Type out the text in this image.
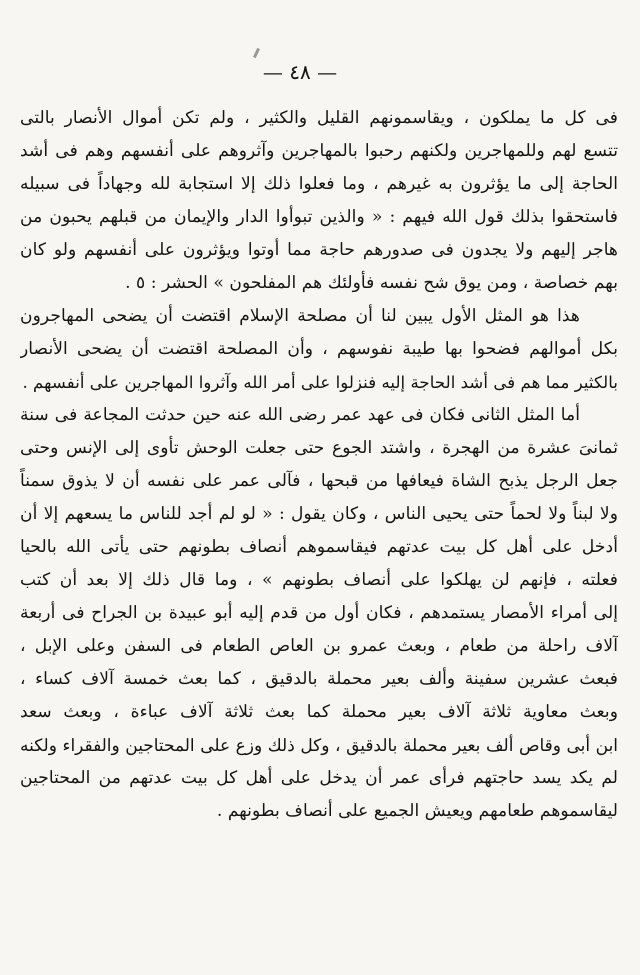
— ٤٨ —
فى كل ما يملكون ، ويقاسمونهم القليل والكثير ، ولم تكن أموال الأنصار بالتى
تتسع لهم وللمهاجرين ولكنهم رحبوا بالمهاجرين وآثروهم على أنفسهم وهم فى أشد
الحاجة إلى ما يؤثرون به غيرهم ، وما فعلوا ذلك إلا استجابة لله وجهاداً فى سبيله
فاستحقوا بذلك قول الله فيهم : « والذين تبوأوا الدار والإيمان من قبلهم يحبون من
هاجر إليهم ولا يجدون فى صدورهم حاجة مما أوتوا ويؤثرون على أنفسهم ولو كان
بهم خصاصة ، ومن يوق شح نفسه فأولئك هم المفلحون » الحشر : ٥ .
هذا هو المثل الأول يبين لنا أن مصلحة الإسلام اقتضت أن يضحى المهاجرون
بكل أموالهم فضحوا بها طيبة نفوسهم ، وأن المصلحة اقتضت أن يضحى الأنصار
بالكثير مما هم فى أشد الحاجة إليه فنزلوا على أمر الله وآثروا المهاجرين على أنفسهم .
أما المثل الثانى فكان فى عهد عمر رضى الله عنه حين حدثت المجاعة فى سنة
ثمانىَ عشرة من الهجرة ، واشتد الجوع حتى جعلت الوحش تأوى إلى الإنس وحتى
جعل الرجل يذبح الشاة فيعافها من قبحها ، فآلى عمر على نفسه أن لا يذوق سمناً
ولا لبناً ولا لحماً حتى يحيى الناس ، وكان يقول : « لو لم أجد للناس ما يسعهم إلا أن
أدخل على أهل كل بيت عدتهم فيقاسموهم أنصاف بطونهم حتى يأتى الله بالحيا
فعلته ، فإنهم لن يهلكوا على أنصاف بطونهم » ، وما قال ذلك إلا بعد أن كتب
إلى أمراء الأمصار يستمدهم ، فكان أول من قدم إليه أبو عبيدة بن الجراح فى أربعة
آلاف راحلة من طعام ، وبعث عمرو بن العاص الطعام فى السفن وعلى الإبل ،
فبعث عشرين سفينة وألف بعير محملة بالدقيق ، كما بعث خمسة آلاف كساء ،
وبعث معاوية ثلاثة آلاف بعير محملة كما بعث ثلاثة آلاف عباءة ، وبعث سعد
ابن أبى وقاص ألف بعير محملة بالدقيق ، وكل ذلك وزع على المحتاجين والفقراء ولكنه
لم يكد يسد حاجتهم فرأى عمر أن يدخل على أهل كل بيت عدتهم من المحتاجين
ليقاسموهم طعامهم ويعيش الجميع على أنصاف بطونهم .
